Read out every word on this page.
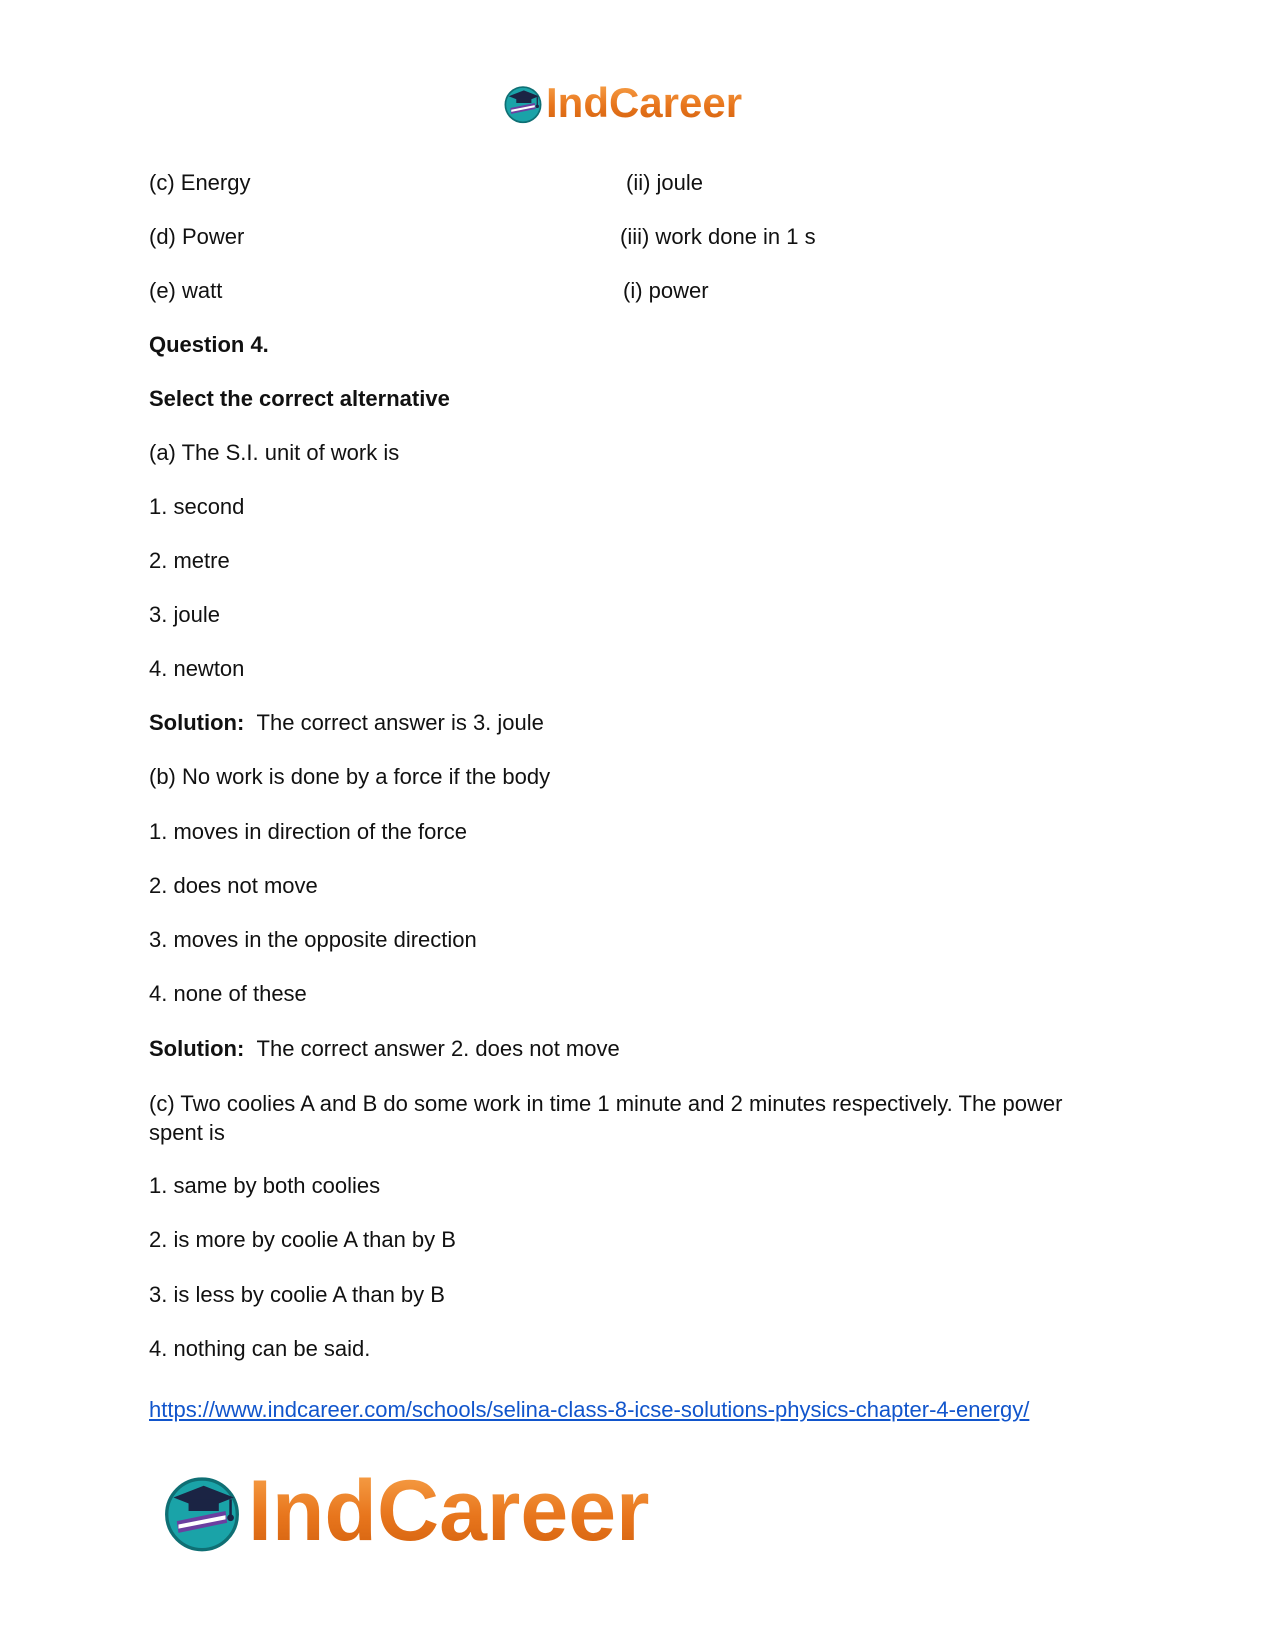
IndCareer
(c) Energy	(ii) joule
(d) Power	(iii) work done in 1 s
(e) watt	(i) power
Question 4.
Select the correct alternative
(a) The S.I. unit of work is
1. second
2. metre
3. joule
4. newton
Solution: The correct answer is 3. joule
(b) No work is done by a force if the body
1. moves in direction of the force
2. does not move
3. moves in the opposite direction
4. none of these
Solution: The correct answer 2. does not move
(c) Two coolies A and B do some work in time 1 minute and 2 minutes respectively. The power spent is
1. same by both coolies
2. is more by coolie A than by B
3. is less by coolie A than by B
4. nothing can be said.
https://www.indcareer.com/schools/selina-class-8-icse-solutions-physics-chapter-4-energy/
IndCareer
